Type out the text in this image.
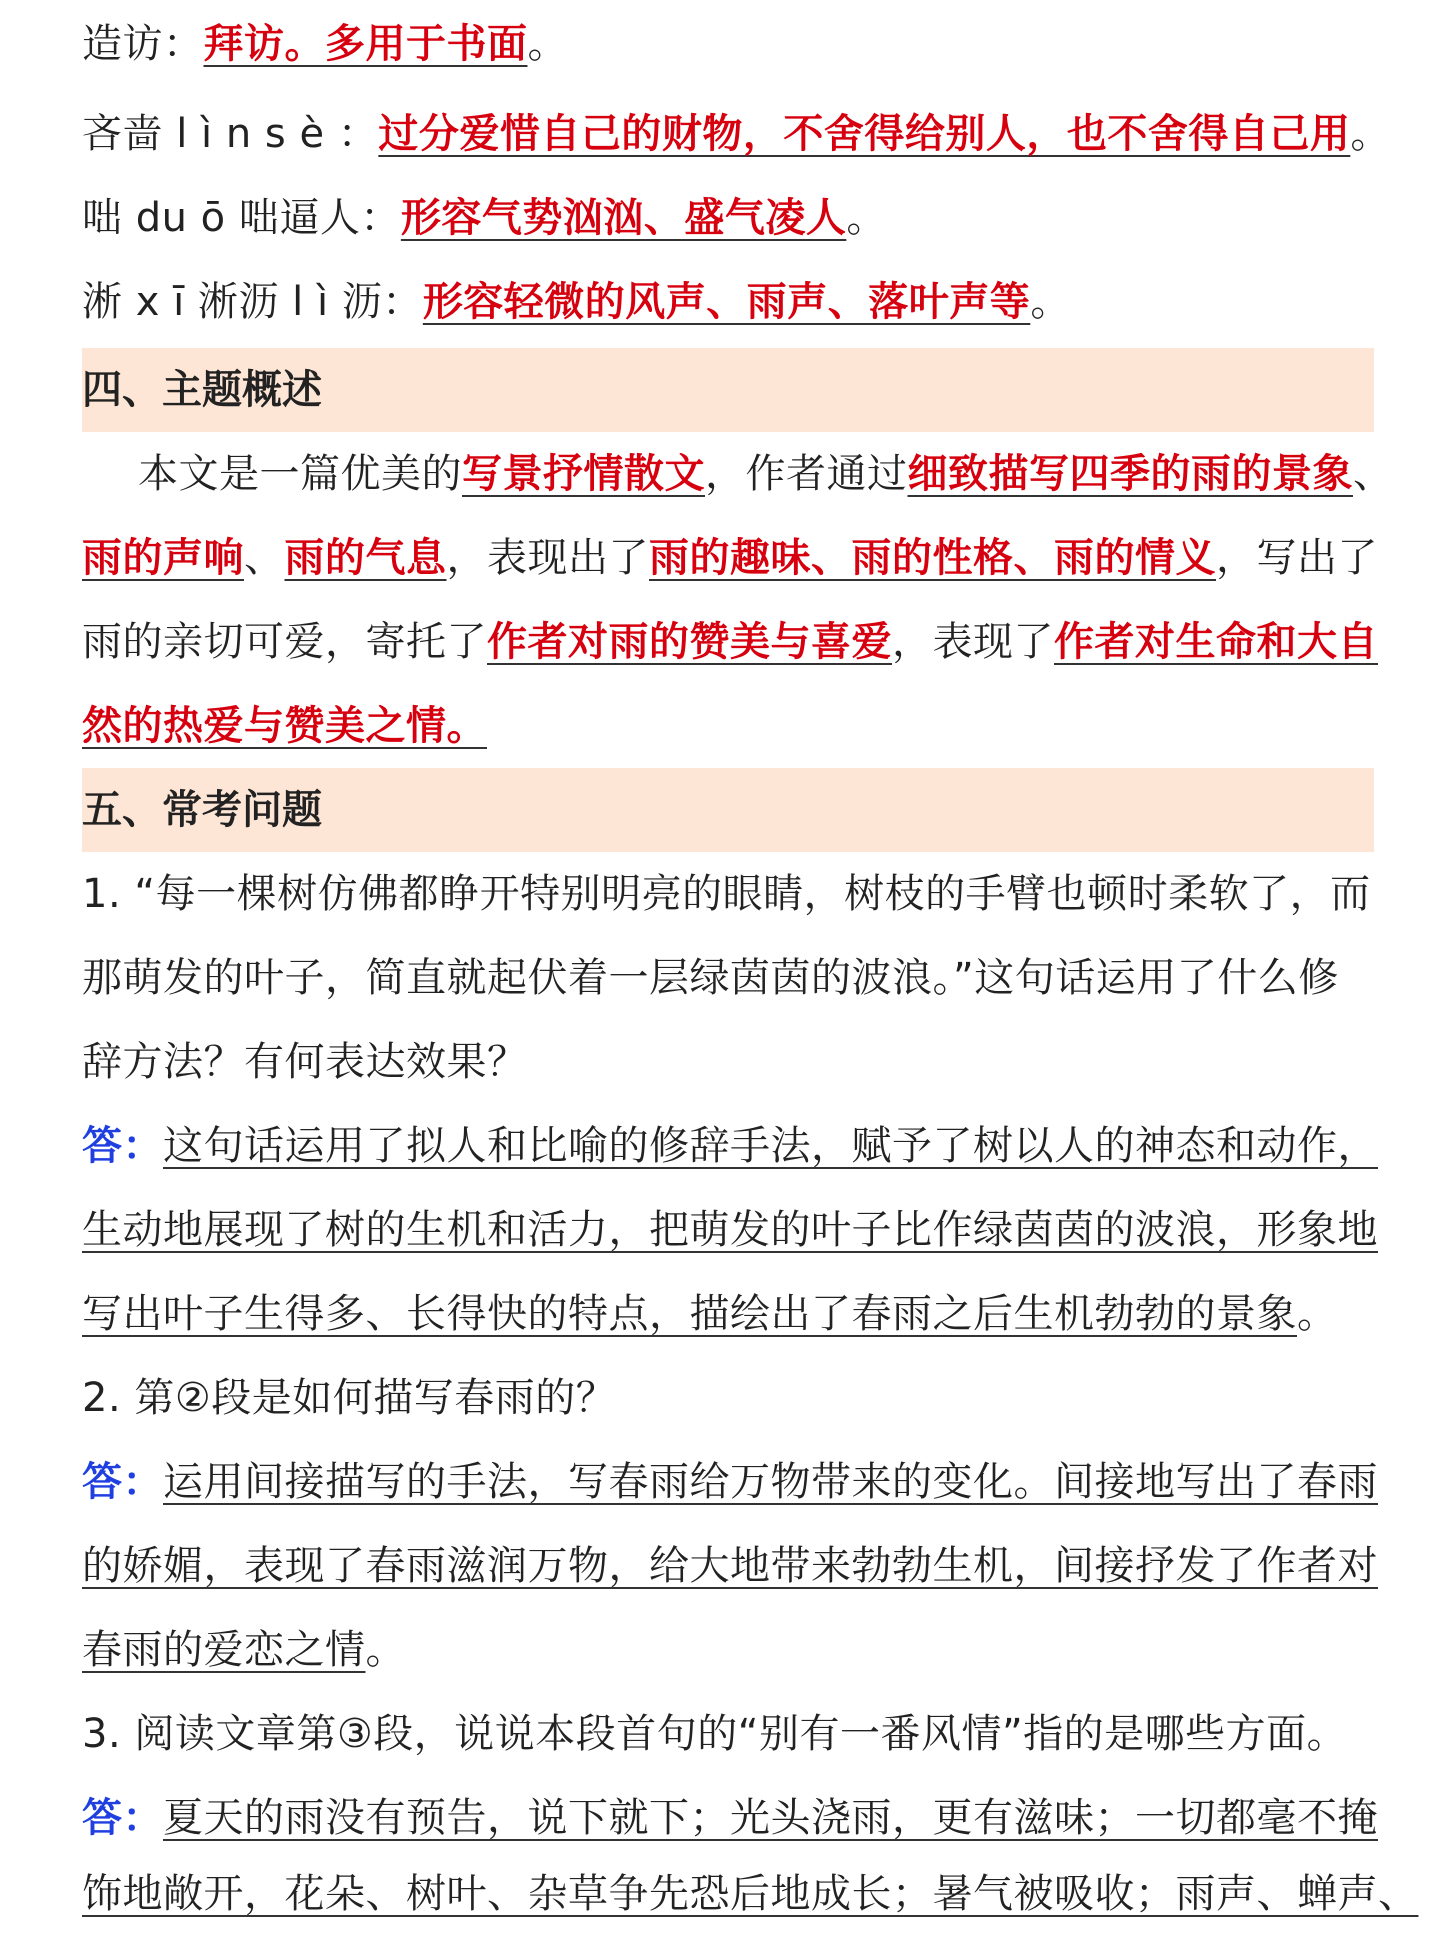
造访：拜访。多用于书面。
吝啬 l ì n s è ：过分爱惜自己的财物，不舍得给别人，也不舍得自己用。
咄 du ō 咄逼人：形容气势汹汹、盛气凌人。
淅 x ī 淅沥 l ì 沥：形容轻微的风声、雨声、落叶声等。
四、主题概述
本文是一篇优美的写景抒情散文，作者通过细致描写四季的雨的景象、
雨的声响、雨的气息，表现出了雨的趣味、雨的性格、雨的情义，写出了
雨的亲切可爱，寄托了作者对雨的赞美与喜爱，表现了作者对生命和大自
然的热爱与赞美之情。
五、常考问题
1. “每一棵树仿佛都睁开特别明亮的眼睛，树枝的手臂也顿时柔软了，而
那萌发的叶子，简直就起伏着一层绿茵茵的波浪。”这句话运用了什么修
辞方法？有何表达效果？
答：这句话运用了拟人和比喻的修辞手法，赋予了树以人的神态和动作，
生动地展现了树的生机和活力，把萌发的叶子比作绿茵茵的波浪，形象地
写出叶子生得多、长得快的特点，描绘出了春雨之后生机勃勃的景象。
2. 第②段是如何描写春雨的？
答：运用间接描写的手法，写春雨给万物带来的变化。间接地写出了春雨
的娇媚，表现了春雨滋润万物，给大地带来勃勃生机，间接抒发了作者对
春雨的爱恋之情。
3. 阅读文章第③段，说说本段首句的“别有一番风情”指的是哪些方面。
答：夏天的雨没有预告，说下就下；光头浇雨，更有滋味；一切都毫不掩
饰地敞开，花朵、树叶、杂草争先恐后地成长；暑气被吸收；雨声、蝉声、
